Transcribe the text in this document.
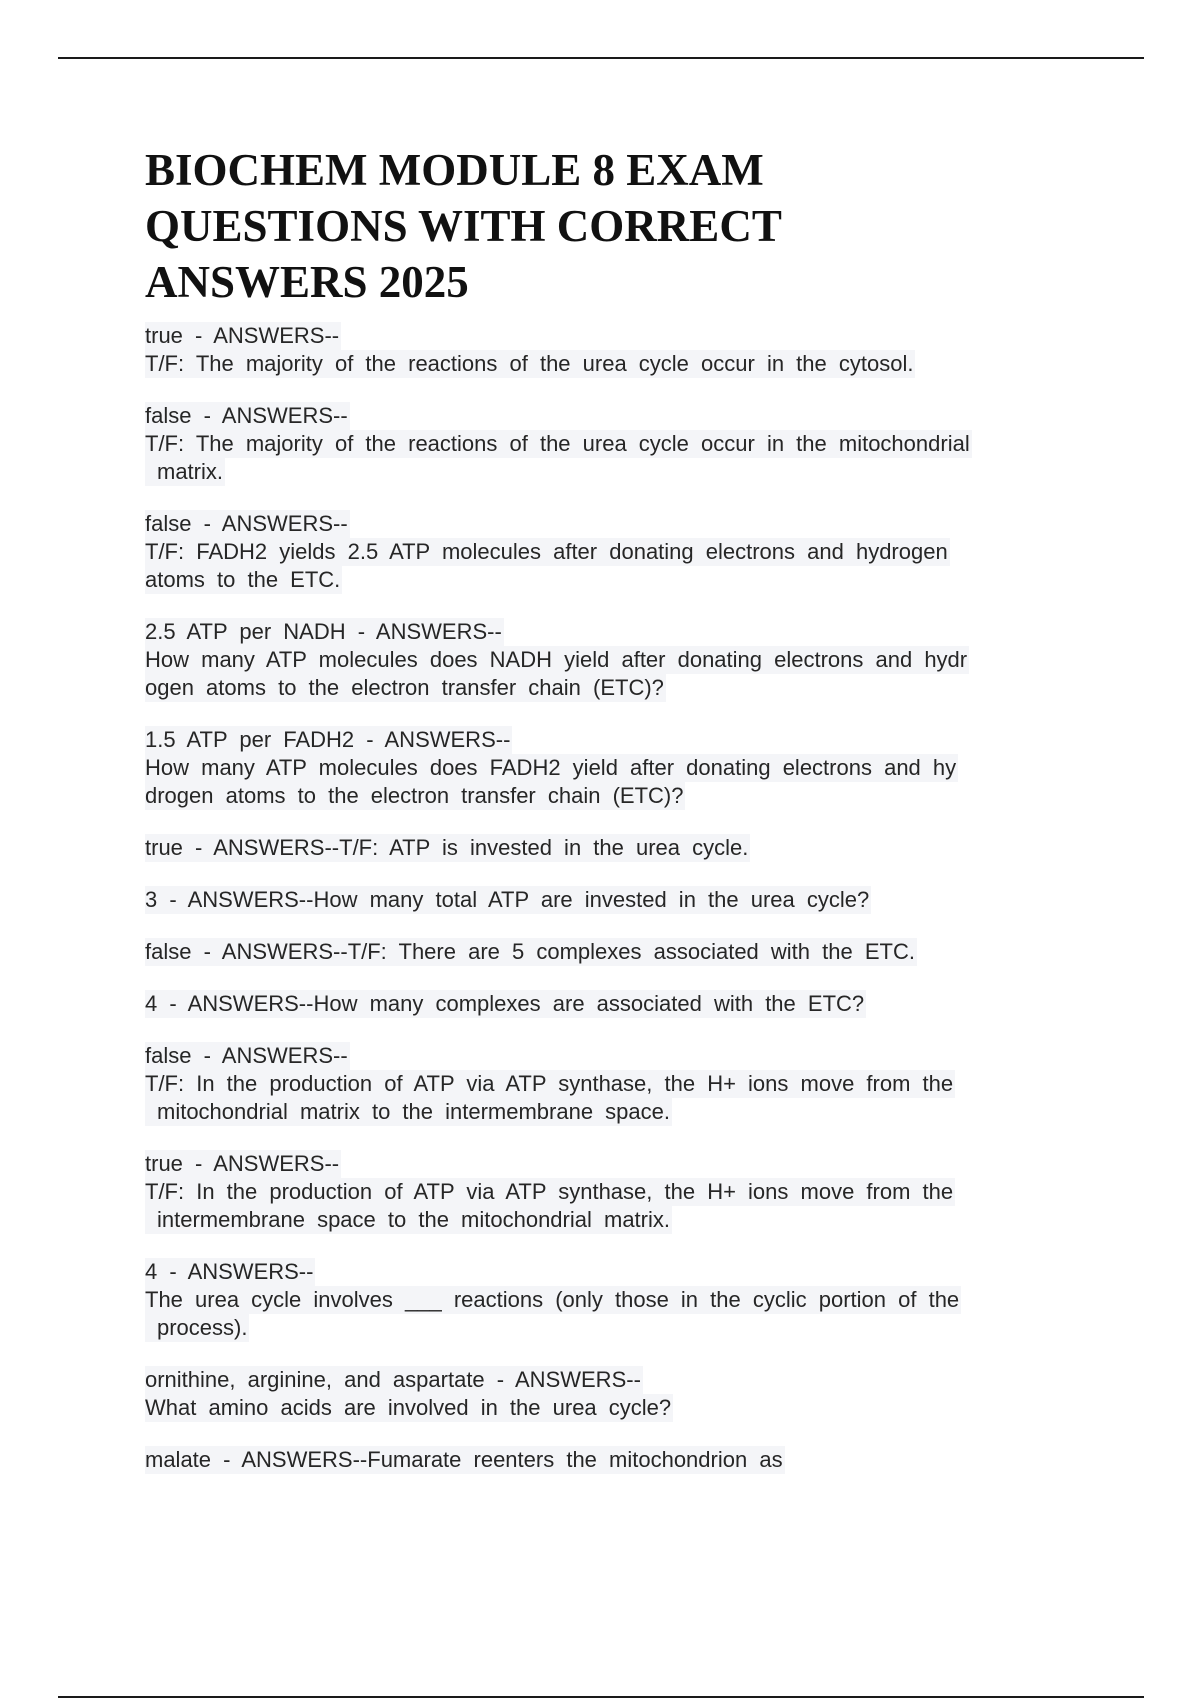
BIOCHEM MODULE 8 EXAM QUESTIONS WITH CORRECT ANSWERS 2025
true - ANSWERS--
T/F: The majority of the reactions of the urea cycle occur in the cytosol.
false - ANSWERS--
T/F: The majority of the reactions of the urea cycle occur in the mitochondrial
matrix.
false - ANSWERS--
T/F: FADH2 yields 2.5 ATP molecules after donating electrons and hydrogen
atoms to the ETC.
2.5 ATP per NADH - ANSWERS--
How many ATP molecules does NADH yield after donating electrons and hydr
ogen atoms to the electron transfer chain (ETC)?
1.5 ATP per FADH2 - ANSWERS--
How many ATP molecules does FADH2 yield after donating electrons and hy
drogen atoms to the electron transfer chain (ETC)?
true - ANSWERS--T/F: ATP is invested in the urea cycle.
3 - ANSWERS--How many total ATP are invested in the urea cycle?
false - ANSWERS--T/F: There are 5 complexes associated with the ETC.
4 - ANSWERS--How many complexes are associated with the ETC?
false - ANSWERS--
T/F: In the production of ATP via ATP synthase, the H+ ions move from the
mitochondrial matrix to the intermembrane space.
true - ANSWERS--
T/F: In the production of ATP via ATP synthase, the H+ ions move from the
intermembrane space to the mitochondrial matrix.
4 - ANSWERS--
The urea cycle involves ___ reactions (only those in the cyclic portion of the
process).
ornithine, arginine, and aspartate - ANSWERS--
What amino acids are involved in the urea cycle?
malate - ANSWERS--Fumarate reenters the mitochondrion as
